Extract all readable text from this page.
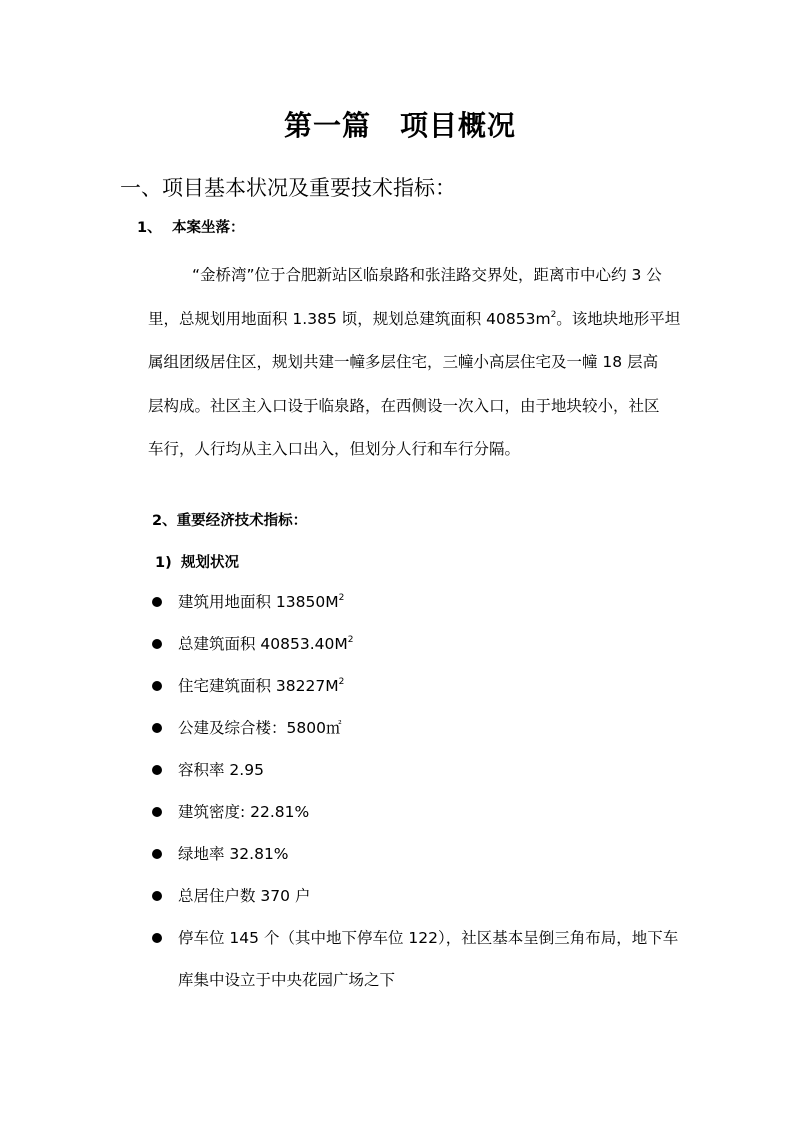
第一篇　项目概况
一、项目基本状况及重要技术指标：
1、 本案坐落：
“金桥湾”位于合肥新站区临泉路和张洼路交界处，距离市中心约 3 公
里，总规划用地面积 1.385 顷，规划总建筑面积 $40853m^2$。该地块地形平坦
属组团级居住区，规划共建一幢多层住宅，三幢小高层住宅及一幢 18 层高
层构成。社区主入口设于临泉路，在西侧设一次入口，由于地块较小，社区
车行，人行均从主入口出入，但划分人行和车行分隔。
2、重要经济技术指标：
1) 规划状况
建筑用地面积 $13850M^2$
总建筑面积 $40853.40M^2$
住宅建筑面积 $38227M^2$
公建及综合楼：5800㎡
容积率 2.95
建筑密度: 22.81%
绿地率 32.81%
总居住户数 370 户
停车位 145 个（其中地下停车位 122），社区基本呈倒三角布局，地下车
库集中设立于中央花园广场之下
